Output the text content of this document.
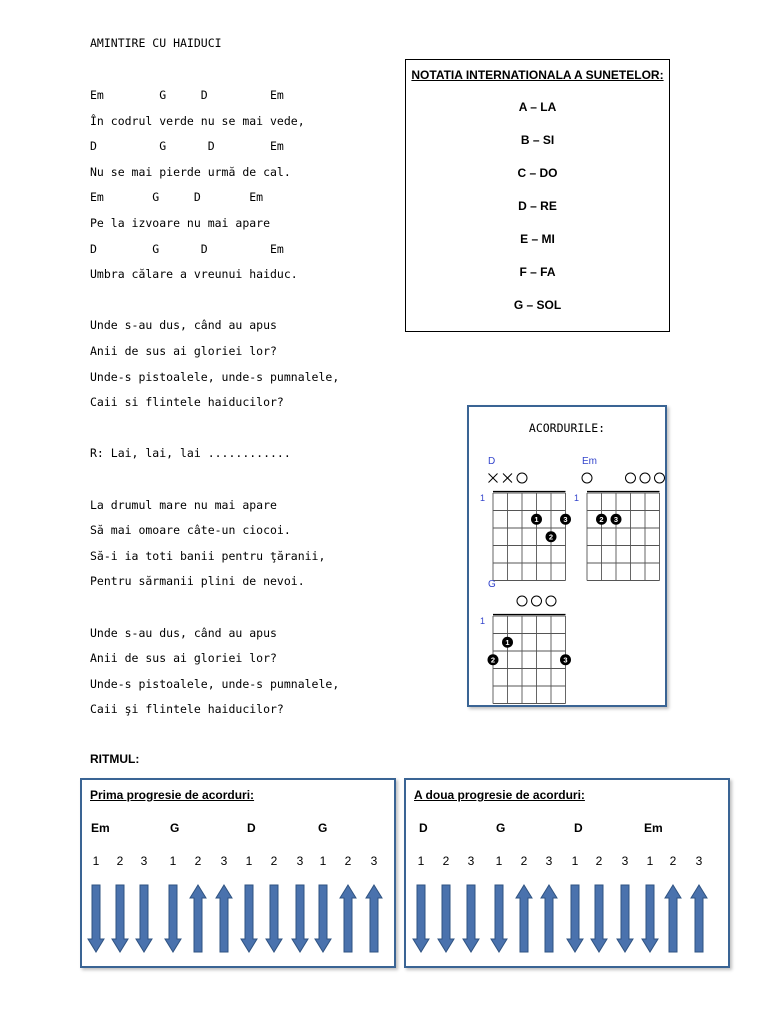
AMINTIRE CU HAIDUCI
Em        G     D         Em
În codrul verde nu se mai vede,
D         G      D        Em
Nu se mai pierde urmă de cal.
Em       G     D       Em
Pe la izvoare nu mai apare
D        G      D         Em
Umbra călare a vreunui haiduc.
Unde s-au dus, când au apus
Anii de sus ai gloriei lor?
Unde-s pistoalele, unde-s pumnalele,
Caii si flintele haiducilor?
R: Lai, lai, lai ............
La drumul mare nu mai apare
Să mai omoare câte-un ciocoi.
Să-i ia toti banii pentru ţăranii,
Pentru sărmanii plini de nevoi.
Unde s-au dus, când au apus
Anii de sus ai gloriei lor?
Unde-s pistoalele, unde-s pumnalele,
Caii şi flintele haiducilor?
NOTATIA INTERNATIONALA A SUNETELOR:
A – LA
B – SI
C – DO
D – RE
E – MI
F – FA
G – SOL
ACORDURILE:
D
1
1
2
3
Em
1
2 3
G
1
1
2	3
RITMUL:
Prima progresie de acorduri:
Em	G	D	G
1 2 3 1 2 3 1 2 3 1 2 3
A doua progresie de acorduri:
D	G	D	Em
1 2 3 1 2 3 1 2 3 1 2 3
